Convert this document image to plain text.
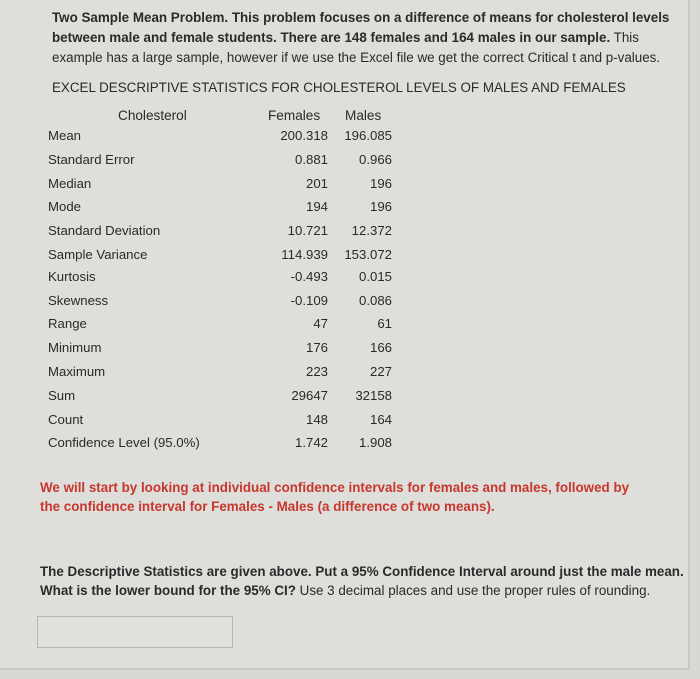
Two Sample Mean Problem. This problem focuses on a difference of means for cholesterol levels between male and female students. There are 148 females and 164 males in our sample. This example has a large sample, however if we use the Excel file we get the correct Critical t and p-values.
EXCEL DESCRIPTIVE STATISTICS FOR CHOLESTEROL LEVELS OF MALES AND FEMALES
Cholesterol	Females Males
Mean	200.318 196.085
Standard Error	0.881 0.966
Median	201	196
Mode	194	196
Standard Deviation	10.721 12.372
Sample Variance	114.939 153.072
Kurtosis	-0.493 0.015
Skewness	-0.109 0.086
Range	47	61
Minimum	176	166
Maximum	223	227
Sum	29647 32158
Count	148	164
Confidence Level (95.0%)	1.742 1.908
We will start by looking at individual confidence intervals for females and males, followed by the confidence interval for Females - Males (a difference of two means).
The Descriptive Statistics are given above. Put a 95% Confidence Interval around just the male mean. What is the lower bound for the 95% CI? Use 3 decimal places and use the proper rules of rounding.
